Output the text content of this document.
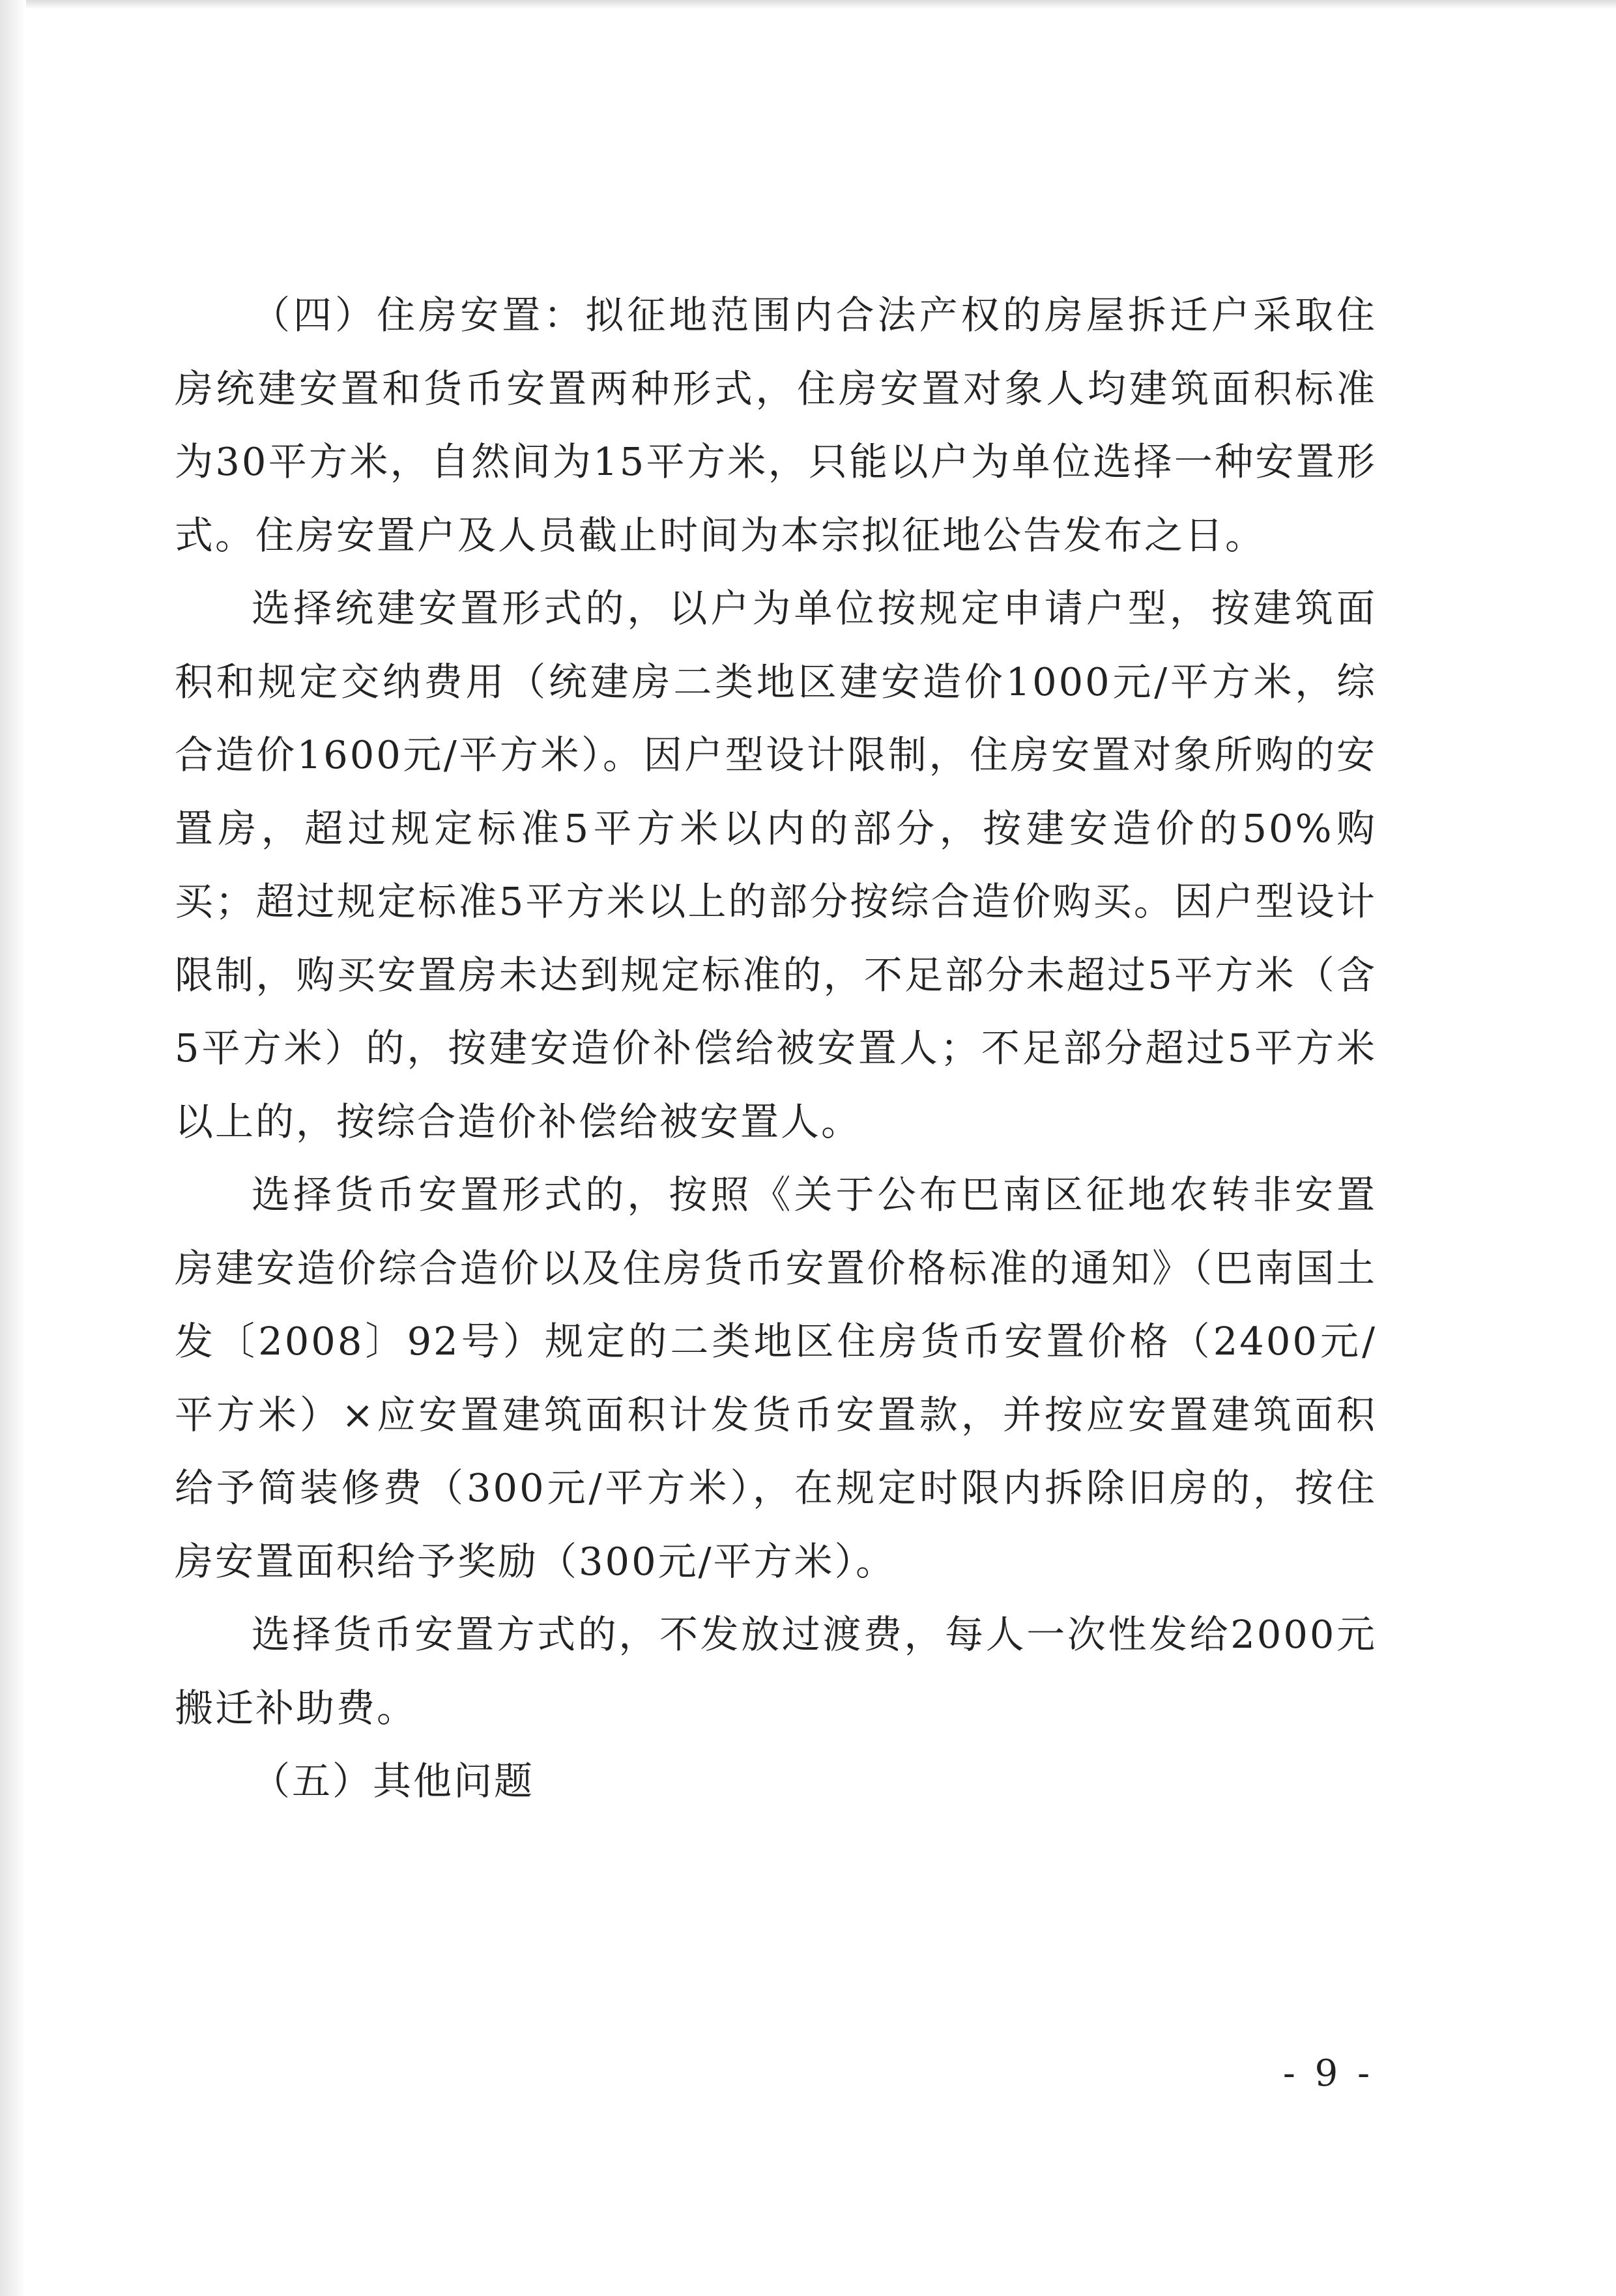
（四）住房安置：拟征地范围内合法产权的房屋拆迁户采取住房统建安置和货币安置两种形式，住房安置对象人均建筑面积标准为30平方米，自然间为15平方米，只能以户为单位选择一种安置形式。住房安置户及人员截止时间为本宗拟征地公告发布之日。

选择统建安置形式的，以户为单位按规定申请户型，按建筑面积和规定交纳费用（统建房二类地区建安造价1000元/平方米，综合造价1600元/平方米）。因户型设计限制，住房安置对象所购的安置房，超过规定标准5平方米以内的部分，按建安造价的50%购买；超过规定标准5平方米以上的部分按综合造价购买。因户型设计限制，购买安置房未达到规定标准的，不足部分未超过5平方米（含5平方米）的，按建安造价补偿给被安置人；不足部分超过5平方米以上的，按综合造价补偿给被安置人。

选择货币安置形式的，按照《关于公布巴南区征地农转非安置房建安造价综合造价以及住房货币安置价格标准的通知》（巴南国土发〔2008〕92号）规定的二类地区住房货币安置价格（2400元/平方米）×应安置建筑面积计发货币安置款，并按应安置建筑面积给予简装修费（300元/平方米），在规定时限内拆除旧房的，按住房安置面积给予奖励（300元/平方米）。

选择货币安置方式的，不发放过渡费，每人一次性发给2000元搬迁补助费。

（五）其他问题

- 9 -
